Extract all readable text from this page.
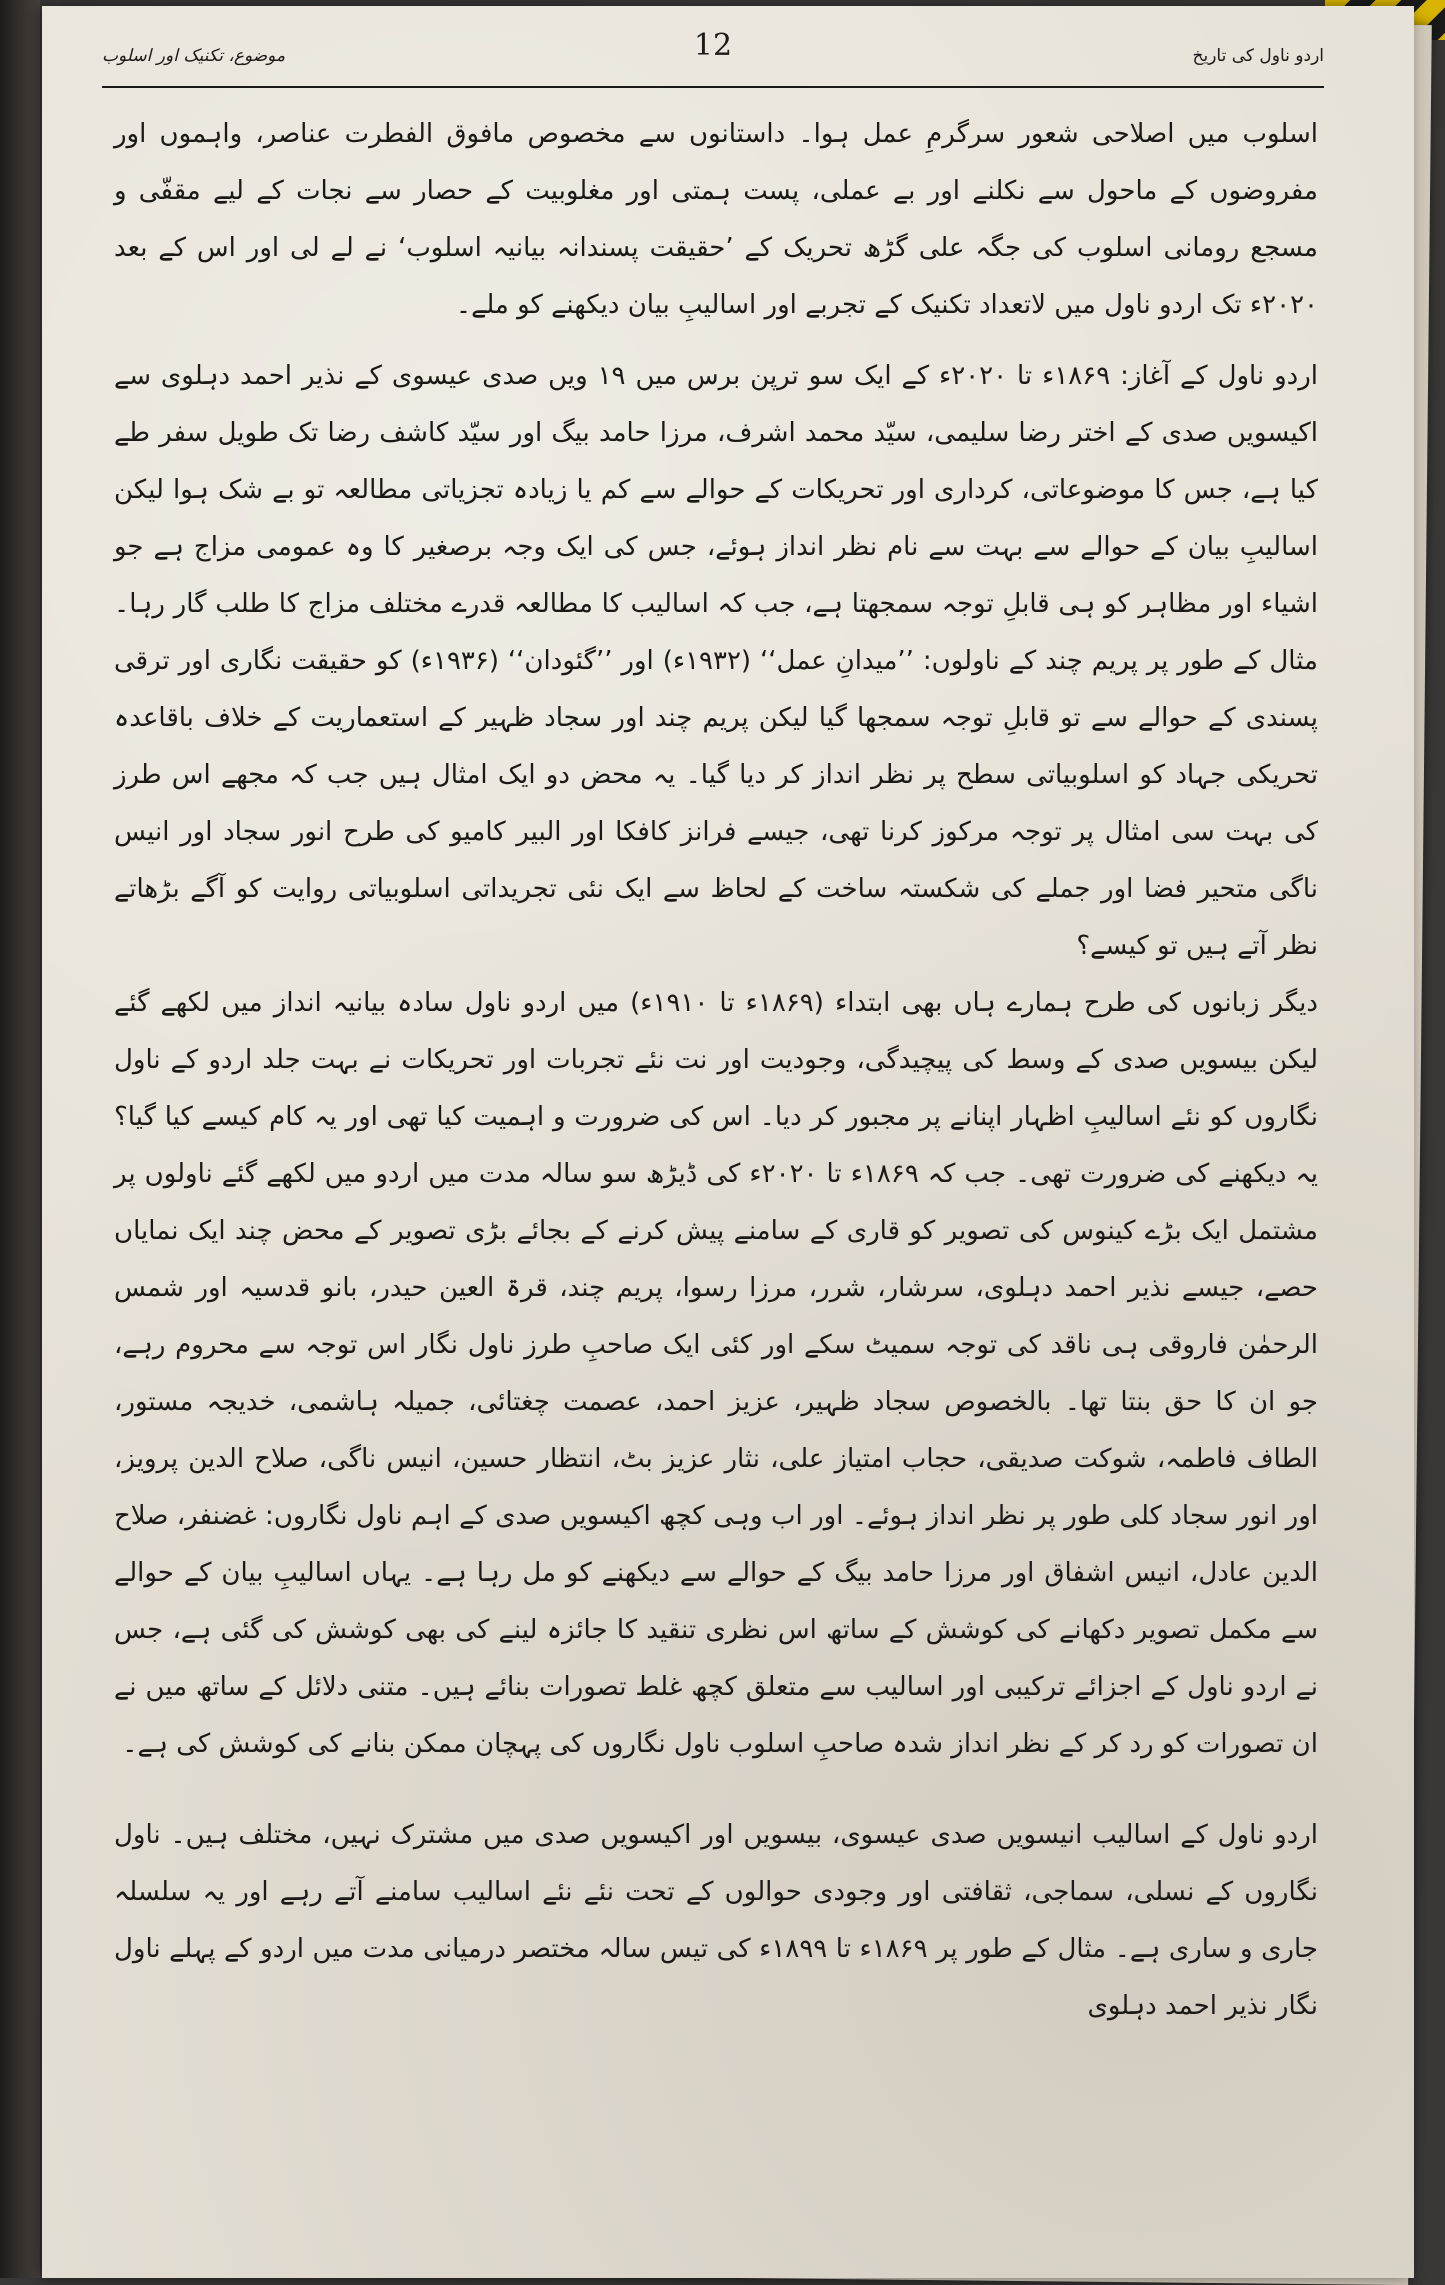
اردو ناول کی تاریخ
12
موضوع، تکنیک اور اسلوب

اسلوب میں اصلاحی شعور سرگرمِ عمل ہوا۔ داستانوں سے مخصوص مافوق الفطرت عناصر، واہموں اور مفروضوں کے ماحول سے نکلنے اور بے عملی، پست ہمتی اور مغلوبیت کے حصار سے نجات کے لیے مقفّی و مسجع رومانی اسلوب کی جگہ علی گڑھ تحریک کے ’حقیقت پسندانہ بیانیہ اسلوب‘ نے لے لی اور اس کے بعد ۲۰۲۰ء تک اردو ناول میں لاتعداد تکنیک کے تجربے اور اسالیبِ بیان دیکھنے کو ملے۔

اردو ناول کے آغاز: ۱۸۶۹ء تا ۲۰۲۰ء کے ایک سو ترپن برس میں ۱۹ ویں صدی عیسوی کے نذیر احمد دہلوی سے اکیسویں صدی کے اختر رضا سلیمی، سیّد محمد اشرف، مرزا حامد بیگ اور سیّد کاشف رضا تک طویل سفر طے کیا ہے، جس کا موضوعاتی، کرداری اور تحریکات کے حوالے سے کم یا زیادہ تجزیاتی مطالعہ تو بے شک ہوا لیکن اسالیبِ بیان کے حوالے سے بہت سے نام نظر انداز ہوئے، جس کی ایک وجہ برصغیر کا وہ عمومی مزاج ہے جو اشیاء اور مظاہر کو ہی قابلِ توجہ سمجھتا ہے، جب کہ اسالیب کا مطالعہ قدرے مختلف مزاج کا طلب گار رہا۔ مثال کے طور پر پریم چند کے ناولوں: ’’میدانِ عمل‘‘ (۱۹۳۲ء) اور ’’گئودان‘‘ (۱۹۳۶ء) کو حقیقت نگاری اور ترقی پسندی کے حوالے سے تو قابلِ توجہ سمجھا گیا لیکن پریم چند اور سجاد ظہیر کے استعماریت کے خلاف باقاعدہ تحریکی جہاد کو اسلوبیاتی سطح پر نظر انداز کر دیا گیا۔ یہ محض دو ایک امثال ہیں جب کہ مجھے اس طرز کی بہت سی امثال پر توجہ مرکوز کرنا تھی، جیسے فرانز کافکا اور البیر کامیو کی طرح انور سجاد اور انیس ناگی متحیر فضا اور جملے کی شکستہ ساخت کے لحاظ سے ایک نئی تجریداتی اسلوبیاتی روایت کو آگے بڑھاتے نظر آتے ہیں تو کیسے؟

دیگر زبانوں کی طرح ہمارے ہاں بھی ابتداء (۱۸۶۹ء تا ۱۹۱۰ء) میں اردو ناول سادہ بیانیہ انداز میں لکھے گئے لیکن بیسویں صدی کے وسط کی پیچیدگی، وجودیت اور نت نئے تجربات اور تحریکات نے بہت جلد اردو کے ناول نگاروں کو نئے اسالیبِ اظہار اپنانے پر مجبور کر دیا۔ اس کی ضرورت و اہمیت کیا تھی اور یہ کام کیسے کیا گیا؟ یہ دیکھنے کی ضرورت تھی۔ جب کہ ۱۸۶۹ء تا ۲۰۲۰ء کی ڈیڑھ سو سالہ مدت میں اردو میں لکھے گئے ناولوں پر مشتمل ایک بڑے کینوس کی تصویر کو قاری کے سامنے پیش کرنے کے بجائے بڑی تصویر کے محض چند ایک نمایاں حصے، جیسے نذیر احمد دہلوی، سرشار، شرر، مرزا رسوا، پریم چند، قرۃ العین حیدر، بانو قدسیہ اور شمس الرحمٰن فاروقی ہی ناقد کی توجہ سمیٹ سکے اور کئی ایک صاحبِ طرز ناول نگار اس توجہ سے محروم رہے، جو ان کا حق بنتا تھا۔ بالخصوص سجاد ظہیر، عزیز احمد، عصمت چغتائی، جمیلہ ہاشمی، خدیجہ مستور، الطاف فاطمہ، شوکت صدیقی، حجاب امتیاز علی، نثار عزیز بٹ، انتظار حسین، انیس ناگی، صلاح الدین پرویز، اور انور سجاد کلی طور پر نظر انداز ہوئے۔ اور اب وہی کچھ اکیسویں صدی کے اہم ناول نگاروں: غضنفر، صلاح الدین عادل، انیس اشفاق اور مرزا حامد بیگ کے حوالے سے دیکھنے کو مل رہا ہے۔ یہاں اسالیبِ بیان کے حوالے سے مکمل تصویر دکھانے کی کوشش کے ساتھ اس نظری تنقید کا جائزہ لینے کی بھی کوشش کی گئی ہے، جس نے اردو ناول کے اجزائے ترکیبی اور اسالیب سے متعلق کچھ غلط تصورات بنائے ہیں۔ متنی دلائل کے ساتھ میں نے ان تصورات کو رد کر کے نظر انداز شدہ صاحبِ اسلوب ناول نگاروں کی پہچان ممکن بنانے کی کوشش کی ہے۔

اردو ناول کے اسالیب انیسویں صدی عیسوی، بیسویں اور اکیسویں صدی میں مشترک نہیں، مختلف ہیں۔ ناول نگاروں کے نسلی، سماجی، ثقافتی اور وجودی حوالوں کے تحت نئے نئے اسالیب سامنے آتے رہے اور یہ سلسلہ جاری و ساری ہے۔ مثال کے طور پر ۱۸۶۹ء تا ۱۸۹۹ء کی تیس سالہ مختصر درمیانی مدت میں اردو کے پہلے ناول نگار نذیر احمد دہلوی
